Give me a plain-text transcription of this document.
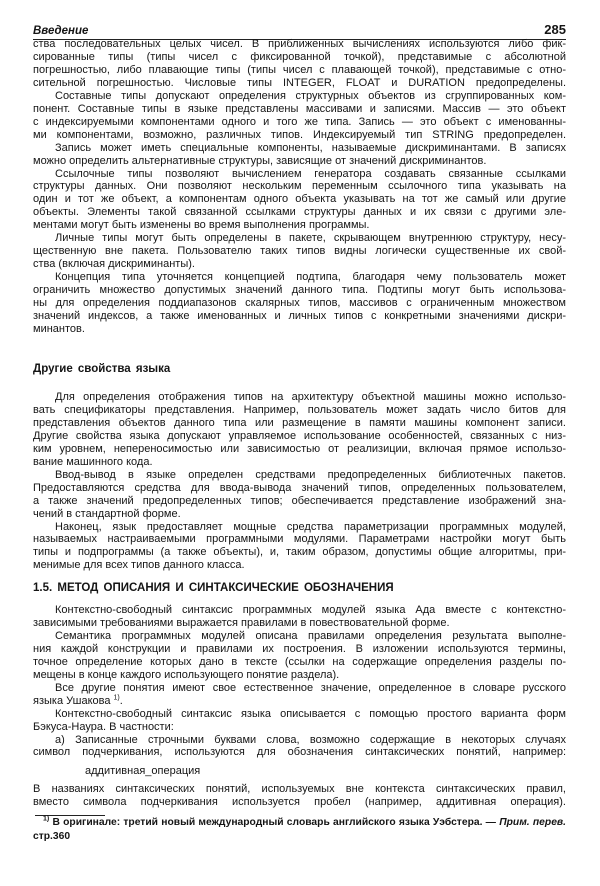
Введение	285
ства последовательных целых чисел. В приближенных вычислениях используются либо фик-
сированные типы (типы чисел с фиксированной точкой), представимые с абсолютной
погрешностью, либо плавающие типы (типы чисел с плавающей точкой), представимые с отно-
сительной погрешностью. Числовые типы INTEGER, FLOAT и DURATION предопределены.
Составные типы допускают определения структурных объектов из сгруппированных ком-
понент. Составные типы в языке представлены массивами и записями. Массив — это объект
с индексируемыми компонентами одного и того же типа. Запись — это объект с именованны-
ми компонентами, возможно, различных типов. Индексируемый тип STRING предопределен.
Запись может иметь специальные компоненты, называемые дискриминантами. В записях
можно определить альтернативные структуры, зависящие от значений дискриминантов.
Ссылочные типы позволяют вычислением генератора создавать связанные ссылками
структуры данных. Они позволяют нескольким переменным ссылочного типа указывать на
один и тот же объект, а компонентам одного объекта указывать на тот же самый или другие
объекты. Элементы такой связанной ссылками структуры данных и их связи с другими эле-
ментами могут быть изменены во время выполнения программы.
Личные типы могут быть определены в пакете, скрывающем внутреннюю структуру, несу-
щественную вне пакета. Пользователю таких типов видны логически существенные их свой-
ства (включая дискриминанты).
Концепция типа уточняется концепцией подтипа, благодаря чему пользователь может
ограничить множество допустимых значений данного типа. Подтипы могут быть использова-
ны для определения поддиапазонов скалярных типов, массивов с ограниченным множеством
значений индексов, а также именованных и личных типов с конкретными значениями дискри-
минантов.
Другие свойства языка
Для определения отображения типов на архитектуру объектной машины можно использо-
вать спецификаторы представления. Например, пользователь может задать число битов для
представления объектов данного типа или размещение в памяти машины компонент записи.
Другие свойства языка допускают управляемое использование особенностей, связанных с низ-
ким уровнем, непереносимостью или зависимостью от реализиции, включая прямое использо-
вание машинного кода.
Ввод-вывод в языке определен средствами предопределенных библиотечных пакетов.
Предоставляются средства для ввода-вывода значений типов, определенных пользователем,
а также значений предопределенных типов; обеспечивается представление изображений зна-
чений в стандартной форме.
Наконец, язык предоставляет мощные средства параметризации программных модулей,
называемых настраиваемыми программными модулями. Параметрами настройки могут быть
типы и подпрограммы (а также объекты), и, таким образом, допустимы общие алгоритмы, при-
менимые для всех типов данного класса.
1.5. МЕТОД ОПИСАНИЯ И СИНТАКСИЧЕСКИЕ ОБОЗНАЧЕНИЯ
Контекстно-свободный синтаксис программных модулей языка Ада вместе с контекстно-
зависимыми требованиями выражается правилами в повествовательной форме.
Семантика программных модулей описана правилами определения результата выполне-
ния каждой конструкции и правилами их построения. В изложении используются термины,
точное определение которых дано в тексте (ссылки на содержащие определения разделы по-
мещены в конце каждого использующего понятие раздела).
Все другие понятия имеют свое естественное значение, определенное в словаре русского
языка Ушакова $^{1)}$.
Контекстно-свободный синтаксис языка описывается с помощью простого варианта форм
Бэкуса-Наура. В частности:
а) Записанные строчными буквами слова, возможно содержащие в некоторых случаях
символ подчеркивания, используются для обозначения синтаксических понятий, например:
аддитивная_операция
В названиях синтаксических понятий, используемых вне контекста синтаксических правил,
вместо символа подчеркивания используется пробел (например, аддитивная операция).
$^{1)}$ В оригинале: третий новый международный словарь английского языка Уэбстера. — Прим. перев.
стр.360
